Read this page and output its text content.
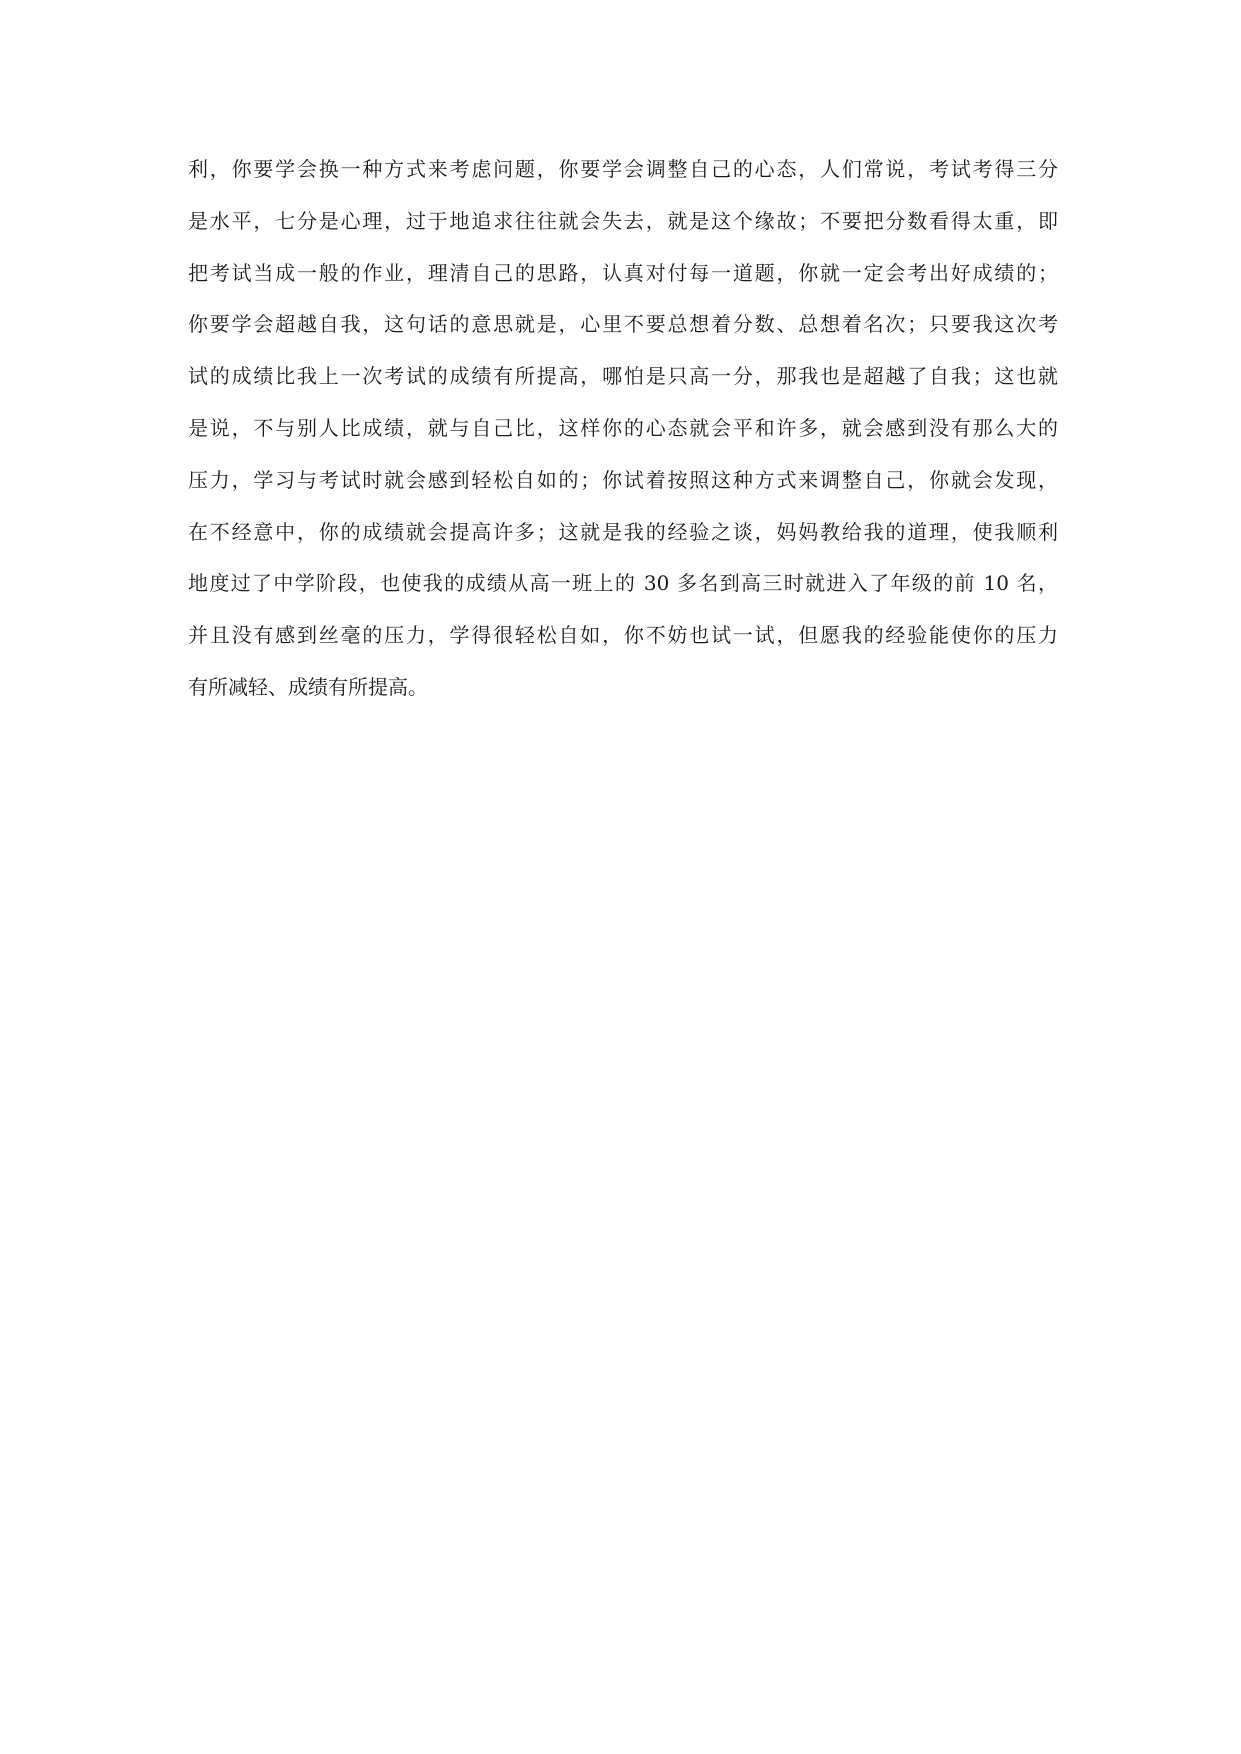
利，你要学会换一种方式来考虑问题，你要学会调整自己的心态，人们常说，考试考得三分
是水平，七分是心理，过于地追求往往就会失去，就是这个缘故；不要把分数看得太重，即
把考试当成一般的作业，理清自己的思路，认真对付每一道题，你就一定会考出好成绩的；
你要学会超越自我，这句话的意思就是，心里不要总想着分数、总想着名次；只要我这次考
试的成绩比我上一次考试的成绩有所提高，哪怕是只高一分，那我也是超越了自我；这也就
是说，不与别人比成绩，就与自己比，这样你的心态就会平和许多，就会感到没有那么大的
压力，学习与考试时就会感到轻松自如的；你试着按照这种方式来调整自己，你就会发现，
在不经意中，你的成绩就会提高许多；这就是我的经验之谈，妈妈教给我的道理，使我顺利
地度过了中学阶段，也使我的成绩从高一班上的 30 多名到高三时就进入了年级的前 10 名，
并且没有感到丝毫的压力，学得很轻松自如，你不妨也试一试，但愿我的经验能使你的压力
有所减轻、成绩有所提高。
